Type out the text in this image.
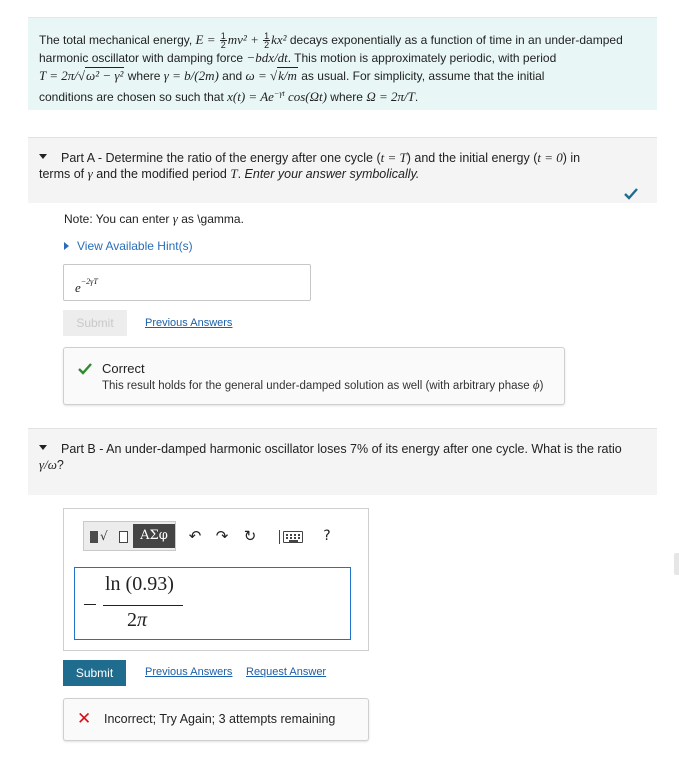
The total mechanical energy, $E = \frac{1}{2} mv^2 + \frac{1}{2} kx^2$ decays exponentially as a function of time in an under-damped
harmonic oscillator with damping force −bdx/dt. This motion is approximately periodic, with period
T = 2π/√ω² − γ² where γ = b/(2m) and ω = √k/m as usual. For simplicity, assume that the initial
conditions are chosen so such that $x(t) = Ae^{-\gamma t}$ cos(Ωt) where Ω = 2π/T.
Part A - Determine the ratio of the energy after one cycle (t = T) and the initial energy (t = 0) in
terms of γ and the modified period T. Enter your answer symbolically.
Note: You can enter γ as \gamma.
View Available Hint(s)
$e^{-2\gamma T}$
Submit	Previous Answers
Correct
This result holds for the general under-damped solution as well (with arbitrary phase ϕ)
Part B - An under-damped harmonic oscillator loses 7% of its energy after one cycle. What is the ratio
γ/ω?
√	ΑΣφ	↶ ↷ ↻	?
ln (0.93)
2π
Submit	Previous Answers Request Answer
✕ Incorrect; Try Again; 3 attempts remaining
